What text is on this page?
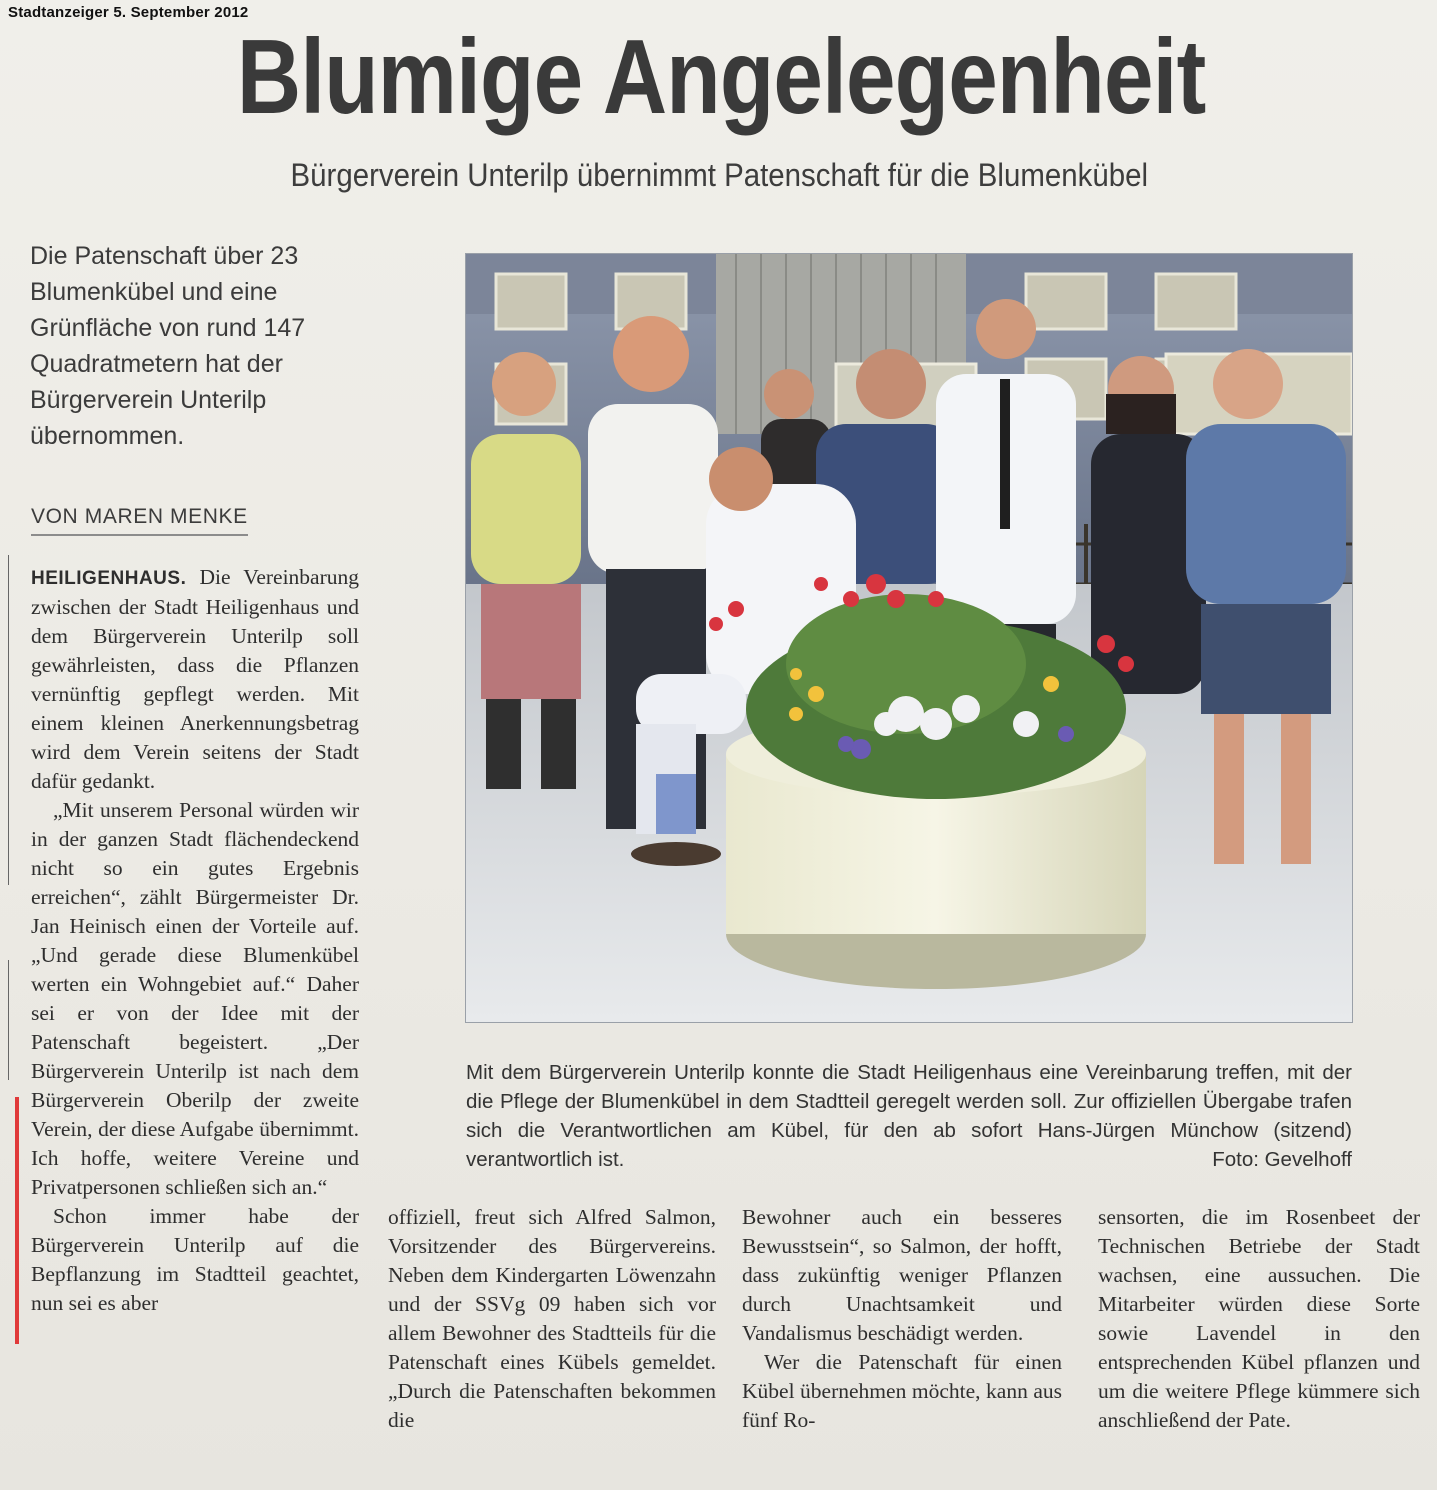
Stadtanzeiger 5. September 2012
Blumige Angelegenheit
Bürgerverein Unterilp übernimmt Patenschaft für die Blumenkübel

Die Patenschaft über 23 Blumenkübel und eine Grünfläche von rund 147 Quadratmetern hat der Bürgerverein Unterilp übernommen.

VON MAREN MENKE

HEILIGENHAUS. Die Vereinbarung zwischen der Stadt Heiligenhaus und dem Bürgerverein Unterilp soll gewährleisten, dass die Pflanzen vernünftig gepflegt werden. Mit einem kleinen Anerkennungsbetrag wird dem Verein seitens der Stadt dafür gedankt.

„Mit unserem Personal würden wir in der ganzen Stadt flächendeckend nicht so ein gutes Ergebnis erreichen“, zählt Bürgermeister Dr. Jan Heinisch einen der Vorteile auf. „Und gerade diese Blumenkübel werten ein Wohngebiet auf.“ Daher sei er von der Idee mit der Patenschaft begeistert. „Der Bürgerverein Unterilp ist nach dem Bürgerverein Oberilp der zweite Verein, der diese Aufgabe übernimmt. Ich hoffe, weitere Vereine und Privatpersonen schließen sich an.“

Schon immer habe der Bürgerverein Unterilp auf die Bepflanzung im Stadtteil geachtet, nun sei es aber

Mit dem Bürgerverein Unterilp konnte die Stadt Heiligenhaus eine Vereinbarung treffen, mit der die Pflege der Blumenkübel in dem Stadtteil geregelt werden soll. Zur offiziellen Übergabe trafen sich die Verantwortlichen am Kübel, für den ab sofort Hans-Jürgen Münchow (sitzend) verantwortlich ist.	Foto: Gevelhoff

offiziell, freut sich Alfred Salmon, Vorsitzender des Bürgervereins. Neben dem Kindergarten Löwenzahn und der SSVg 09 haben sich vor allem Bewohner des Stadtteils für die Patenschaft eines Kübels gemeldet. „Durch die Patenschaften bekommen die

Bewohner auch ein besseres Bewusstsein“, so Salmon, der hofft, dass zukünftig weniger Pflanzen durch Unachtsamkeit und Vandalismus beschädigt werden.

Wer die Patenschaft für einen Kübel übernehmen möchte, kann aus fünf Ro-

sensorten, die im Rosenbeet der Technischen Betriebe der Stadt wachsen, eine aussuchen. Die Mitarbeiter würden diese Sorte sowie Lavendel in den entsprechenden Kübel pflanzen und um die weitere Pflege kümmere sich anschließend der Pate.
